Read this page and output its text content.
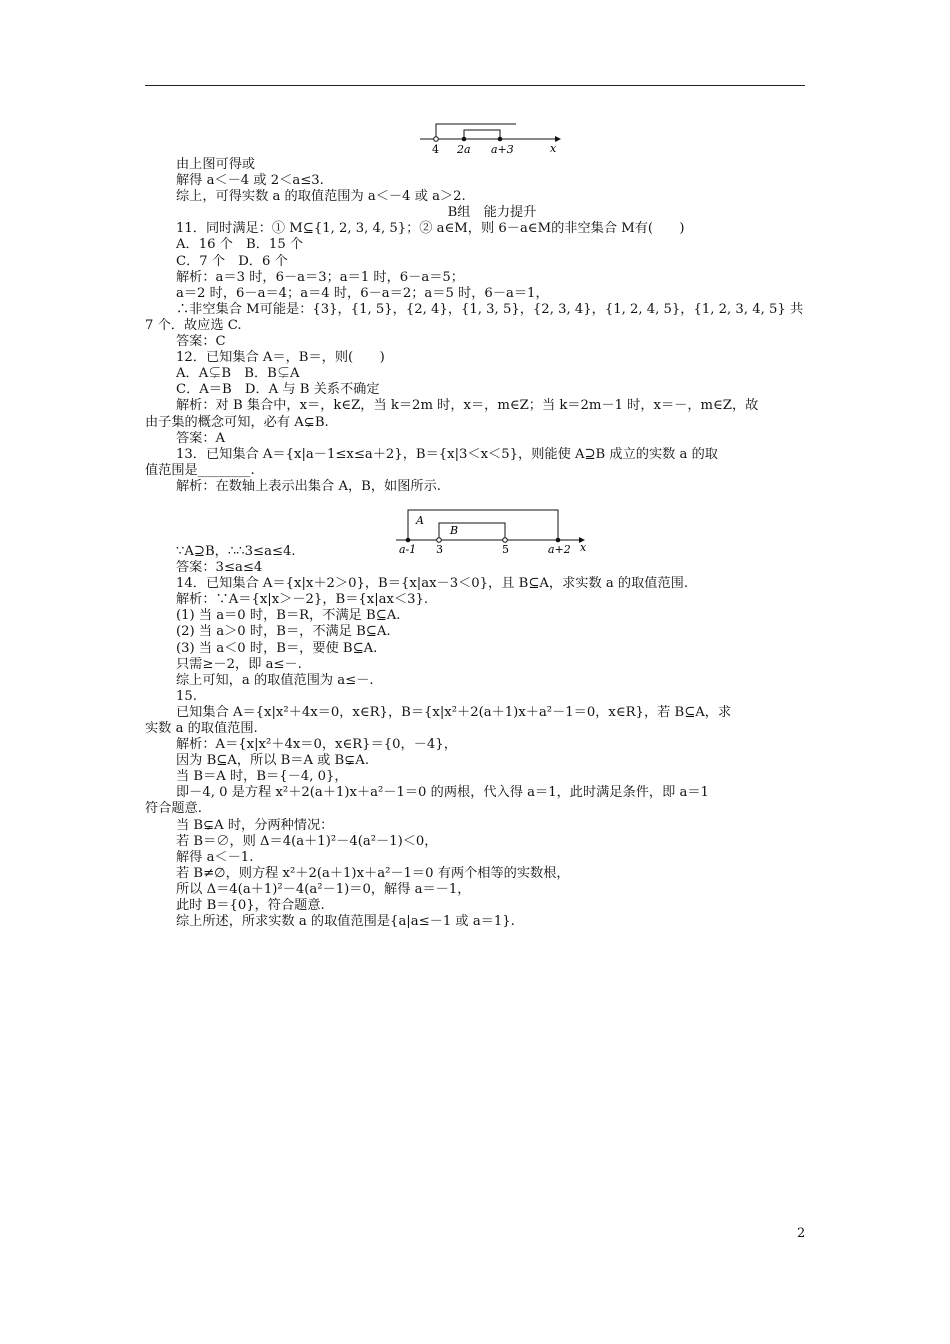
4 2a a+3	x
A
B
a-1 3	5	a+2 x
由上图可得或
解得 a＜－4 或 2＜a≤3.
综上，可得实数 a 的取值范围为 a＜－4 或 a＞2.
B组　能力提升
11．同时满足：① M⊆{1, 2, 3, 4, 5}；② a∈M，则 6－a∈M的非空集合 M有(　　)
A．16 个　B．15 个
C．7 个　D．6 个
解析：a＝3 时，6－a＝3；a＝1 时，6－a＝5；
a＝2 时，6－a＝4；a＝4 时，6－a＝2；a＝5 时，6－a＝1，
∴非空集合 M可能是：{3}，{1, 5}，{2, 4}，{1, 3, 5}，{2, 3, 4}，{1, 2, 4, 5}，{1, 2, 3, 4, 5} 共
7 个．故应选 C.
答案：C
12．已知集合 A＝，B＝，则(　　)
A．A⊊B　B．B⊊A
C．A＝B　D．A 与 B 关系不确定
解析：对 B 集合中，x＝，k∈Z，当 k＝2m 时，x＝，m∈Z；当 k＝2m－1 时，x＝－，m∈Z，故
由子集的概念可知，必有 A⊊B.
答案：A
13．已知集合 A＝{x|a－1≤x≤a＋2}，B＝{x|3＜x＜5}，则能使 A⊇B 成立的实数 a 的取
值范围是________.
解析：在数轴上表示出集合 A，B，如图所示.
∵A⊇B，∴∴3≤a≤4.
答案：3≤a≤4
14．已知集合 A＝{x|x＋2＞0}，B＝{x|ax－3＜0}，且 B⊆A，求实数 a 的取值范围.
解析：∵A＝{x|x＞－2}，B＝{x|ax＜3}.
(1) 当 a＝0 时，B＝R，不满足 B⊆A.
(2) 当 a＞0 时，B＝，不满足 B⊆A.
(3) 当 a＜0 时，B＝，要使 B⊆A.
只需≥－2，即 a≤－.
综上可知，a 的取值范围为 a≤－.
15.
已知集合 A＝{x|x²＋4x＝0，x∈R}，B＝{x|x²＋2(a＋1)x＋a²－1＝0，x∈R}，若 B⊆A，求
实数 a 的取值范围.
解析：A＝{x|x²＋4x＝0，x∈R}＝{0，－4}，
因为 B⊆A，所以 B＝A 或 B⊊A.
当 B＝A 时，B＝{－4, 0}，
即－4, 0 是方程 x²＋2(a＋1)x＋a²－1＝0 的两根，代入得 a＝1，此时满足条件，即 a＝1
符合题意.
当 B⊊A 时，分两种情况：
若 B＝∅，则 Δ＝4(a＋1)²－4(a²－1)＜0，
解得 a＜－1.
若 B≠∅，则方程 x²＋2(a＋1)x＋a²－1＝0 有两个相等的实数根，
所以 Δ＝4(a＋1)²－4(a²－1)＝0，解得 a＝－1，
此时 B＝{0}，符合题意.
综上所述，所求实数 a 的取值范围是{a|a≤－1 或 a＝1}.
2
